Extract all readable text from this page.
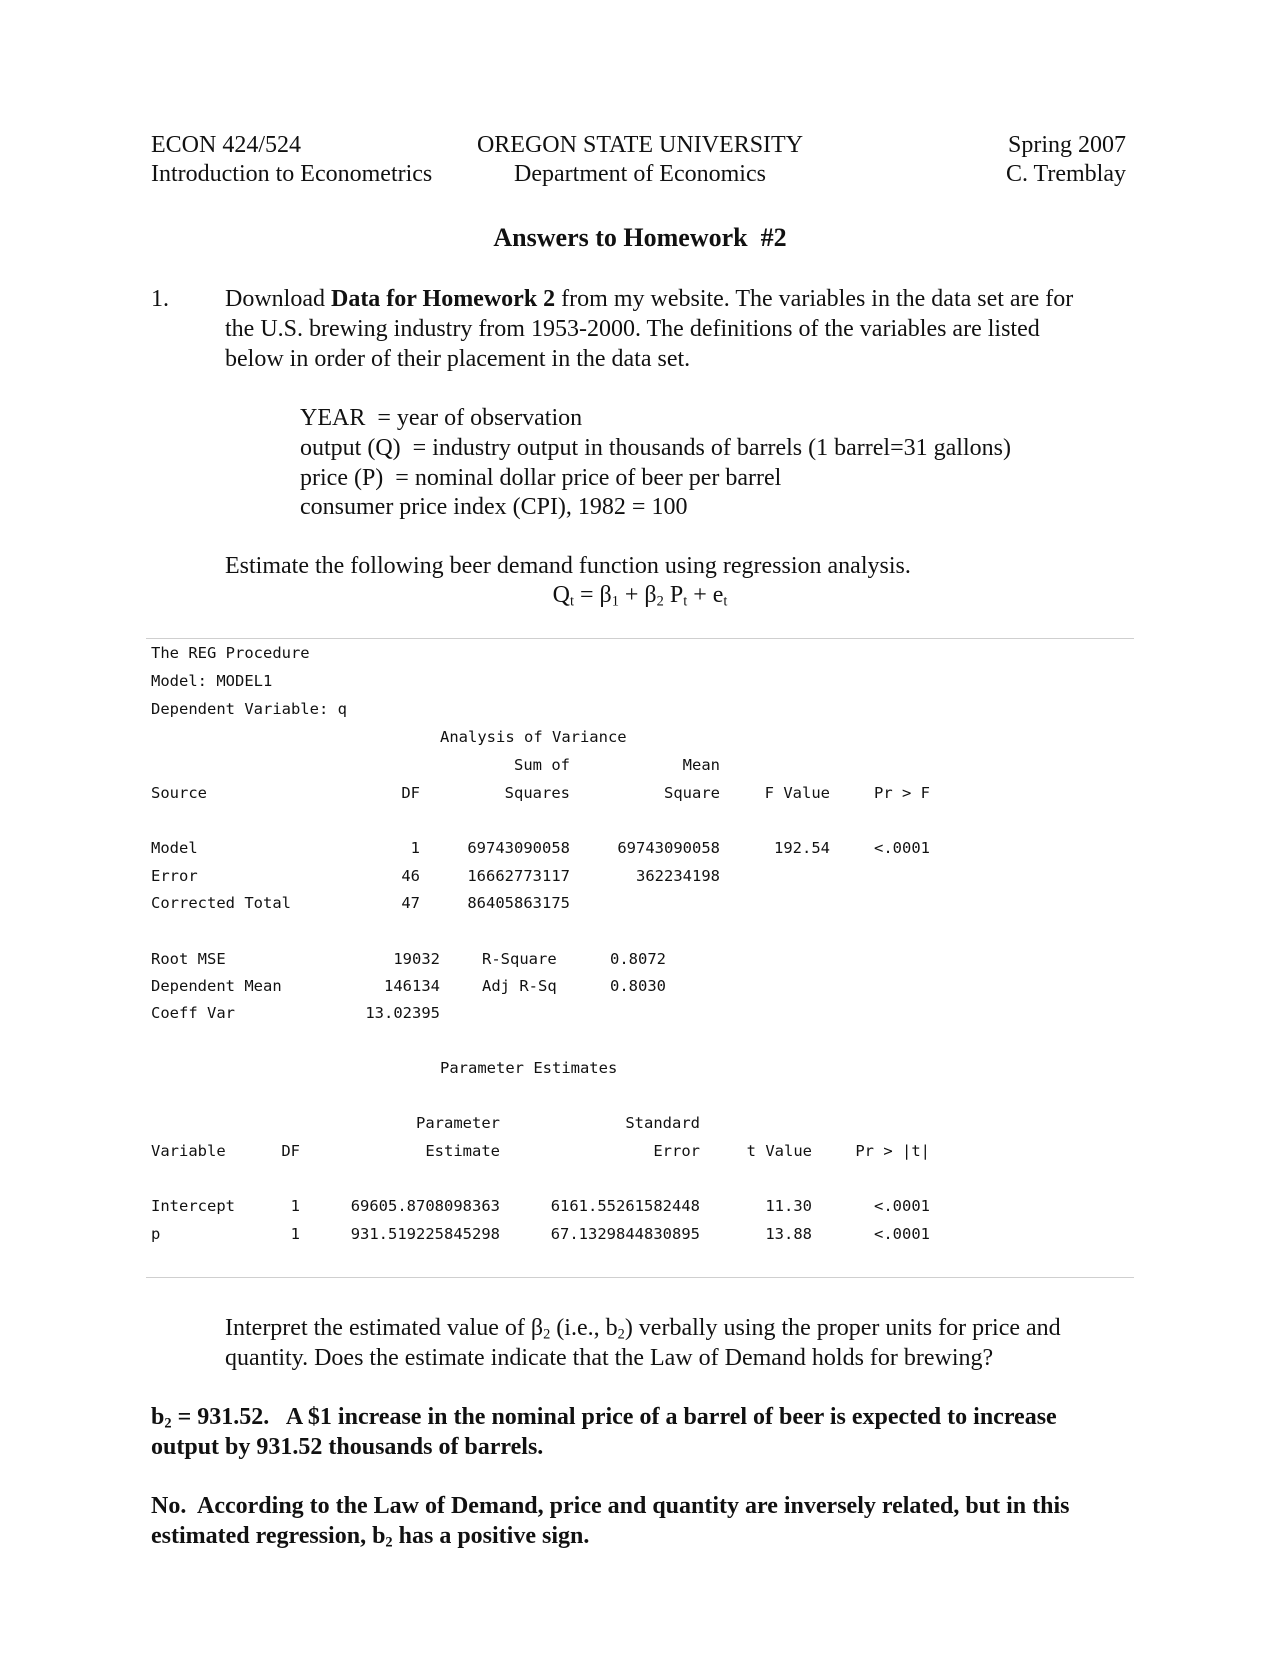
ECON 424/524
Introduction to Econometrics
OREGON STATE UNIVERSITY
Department of Economics
Spring 2007
C. Tremblay
Answers to Homework  #2
1. Download Data for Homework 2 from my website. The variables in the data set are for
the U.S. brewing industry from 1953-2000. The definitions of the variables are listed
below in order of their placement in the data set.
YEAR  = year of observation
output (Q)  = industry output in thousands of barrels (1 barrel=31 gallons)
price (P)  = nominal dollar price of beer per barrel
consumer price index (CPI), 1982 = 100
Estimate the following beer demand function using regression analysis.
$Q_t = \beta_1 + \beta_2$ $P_t + e_t$
The REG Procedure
Model: MODEL1
Dependent Variable: q
Analysis of Variance
Sum of	Mean
Source	DF	Squares	Square	F Value	Pr > F
Model	1	69743090058	69743090058	192.54	<.0001
Error	46	16662773117	362234198
Corrected Total	47	86405863175
Root MSE	19032	R-Square	0.8072
Dependent Mean	146134	Adj R-Sq	0.8030
Coeff Var	13.02395
Parameter Estimates
Parameter	Standard
Variable	DF	Estimate	Error	t Value	Pr > |t|
Intercept	1	69605.8708098363	6161.55261582448	11.30	<.0001
p	1	931.519225845298	67.1329844830895	13.88	<.0001
Interpret the estimated value of $\beta_2$ (i.e., $b_2$) verbally using the proper units for price and
quantity. Does the estimate indicate that the Law of Demand holds for brewing?
$b_2 = 931.52$.   A $1 increase in the nominal price of a barrel of beer is expected to increase
output by 931.52 thousands of barrels.
No.  According to the Law of Demand, price and quantity are inversely related, but in this
estimated regression, $b_2$ has a positive sign.
